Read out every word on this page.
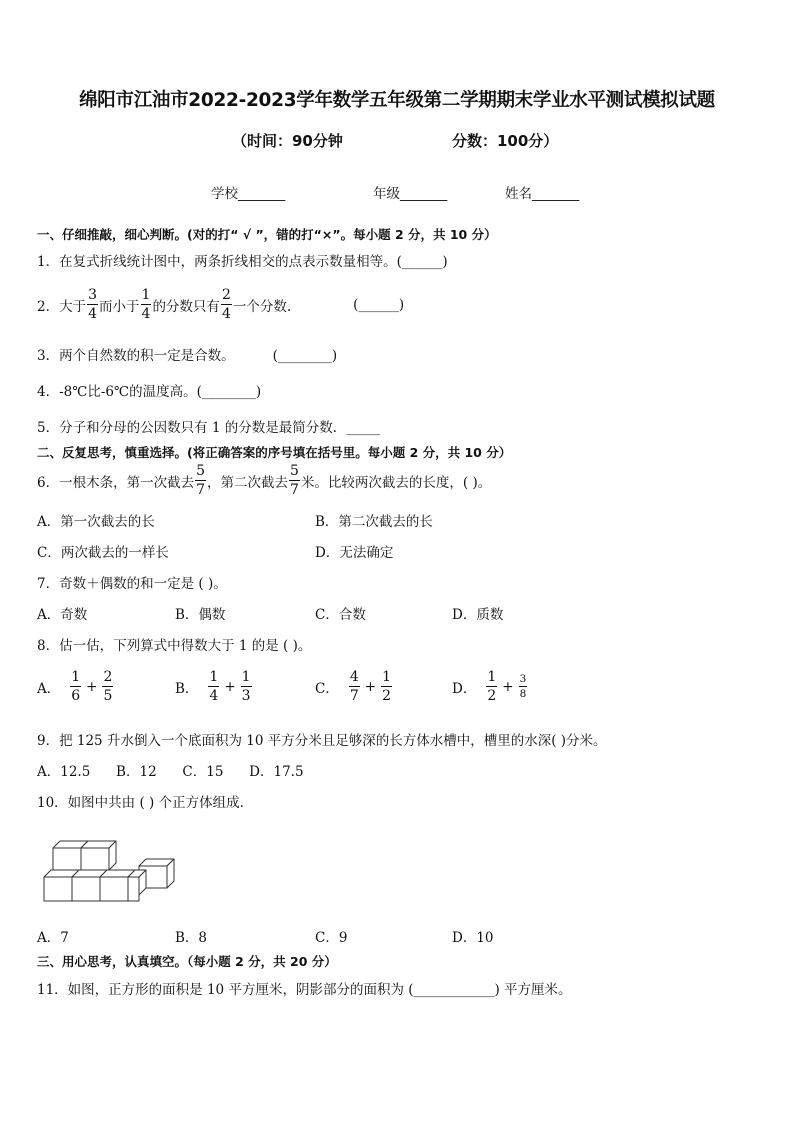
绵阳市江油市2022-2023学年数学五年级第二学期期末学业水平测试模拟试题
（时间：90分钟	分数：100分）
学校_______	年级_______	姓名_______
一、仔细推敲，细心判断。(对的打“ √ ”，错的打“×”。每小题 2 分，共 10 分）
1．在复式折线统计图中，两条折线相交的点表示数量相等。(______)
2．大于 $\frac{3}{4}$ 而小于 $\frac{1}{4}$ 的分数只有 $\frac{2}{4}$ 一个分数.	(______)
3．两个自然数的积一定是合数。	(________)
4．-8℃比-6℃的温度高。(________)
5．分子和分母的公因数只有 1 的分数是最简分数．_____
二、反复思考，慎重选择。(将正确答案的序号填在括号里。每小题 2 分，共 10 分）
6．一根木条，第一次截去 $\frac{5}{7}$ ，第二次截去 $\frac{5}{7}$ 米。比较两次截去的长度，( )。
A．第一次截去的长	B．第二次截去的长
C．两次截去的一样长	D．无法确定
7．奇数＋偶数的和一定是 ( )。
A．奇数	B．偶数	C．合数	D．质数
8．估一估，下列算式中得数大于 1 的是 ( )。
A． $\frac{1}{6} + \frac{2}{5}$	B． $\frac{1}{4} + \frac{1}{3}$	C． $\frac{4}{7} + \frac{1}{2}$	D． $\frac{1}{2} + \frac{3}{8}$
9．把 125 升水倒入一个底面积为 10 平方分米且足够深的长方体水槽中，槽里的水深( )分米。
A．12.5      B．12      C．15      D．17.5
10．如图中共由 ( ) 个正方体组成.
A．7	B．8	C．9	D．10
三、用心思考，认真填空。（每小题 2 分，共 20 分）
11．如图，正方形的面积是 10 平方厘米，阴影部分的面积为 (____________) 平方厘米。
